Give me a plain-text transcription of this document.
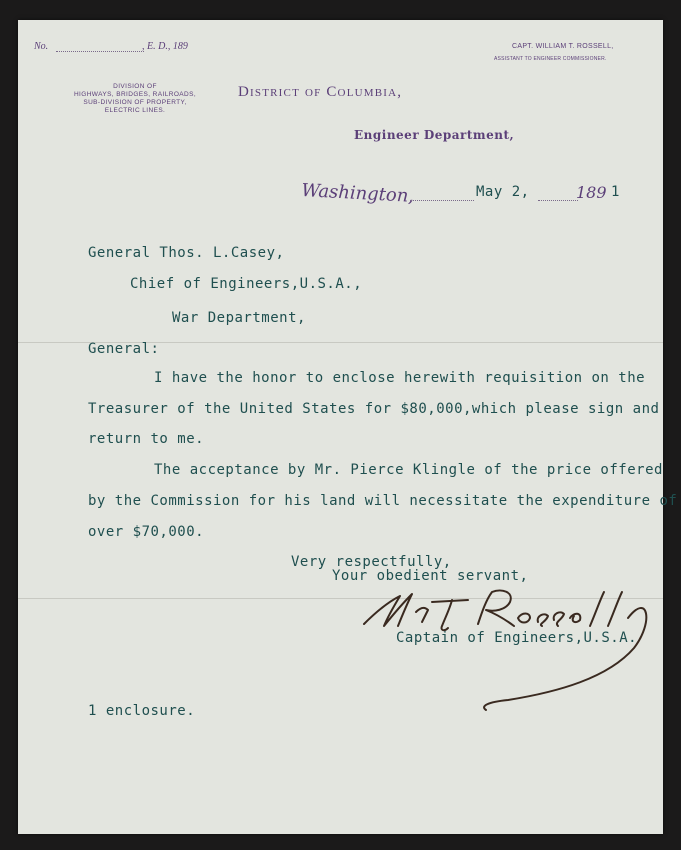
No.	, E. D., 189	CAPT. WILLIAM T. ROSSELL,
ASSISTANT TO ENGINEER COMMISSIONER.
DIVISION OF
HIGHWAYS, BRIDGES, RAILROADS,
SUB-DIVISION OF PROPERTY,
ELECTRIC LINES.
District of Columbia,
Engineer Department,
Washington,	May 2,	189 1
General Thos. L.Casey,
Chief of Engineers,U.S.A.,
War Department,
General:
I have the honor to enclose herewith requisition on the
Treasurer of the United States for $80,000,which please sign and
return to me.
The acceptance by Mr. Pierce Klingle of the price offered
by the Commission for his land will necessitate the expenditure of
over $70,000.
Very respectfully,
Your obedient servant,
Captain of Engineers,U.S.A.
1 enclosure.
